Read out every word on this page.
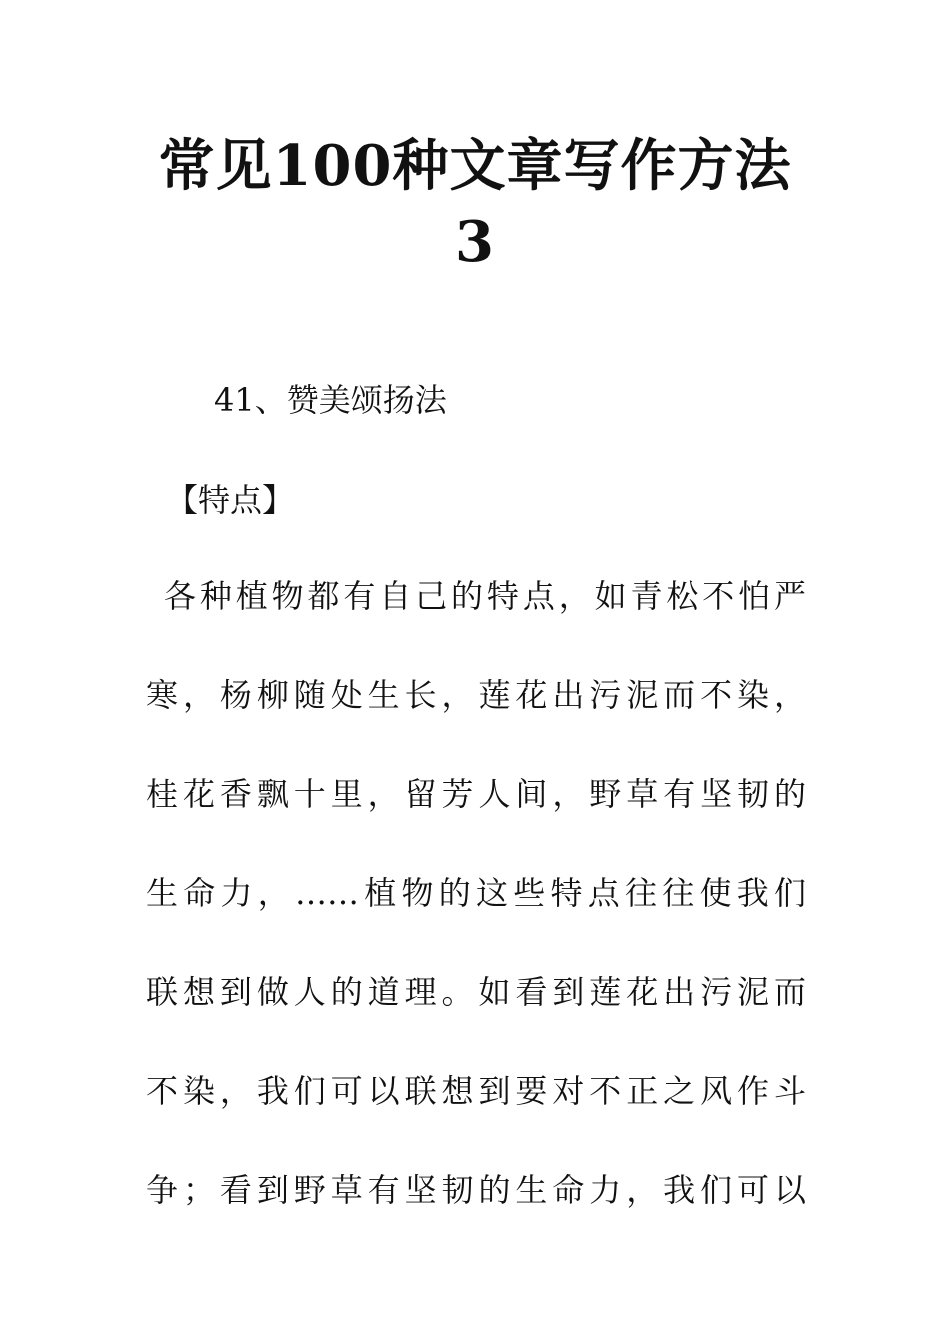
常见100种文章写作方法
3
41、赞美颂扬法
【特点】
各种植物都有自己的特点，如青松不怕严
寒，杨柳随处生长，莲花出污泥而不染，
桂花香飘十里，留芳人间，野草有坚韧的
生命力，……植物的这些特点往往使我们
联想到做人的道理。如看到莲花出污泥而
不染，我们可以联想到要对不正之风作斗
争；看到野草有坚韧的生命力，我们可以
